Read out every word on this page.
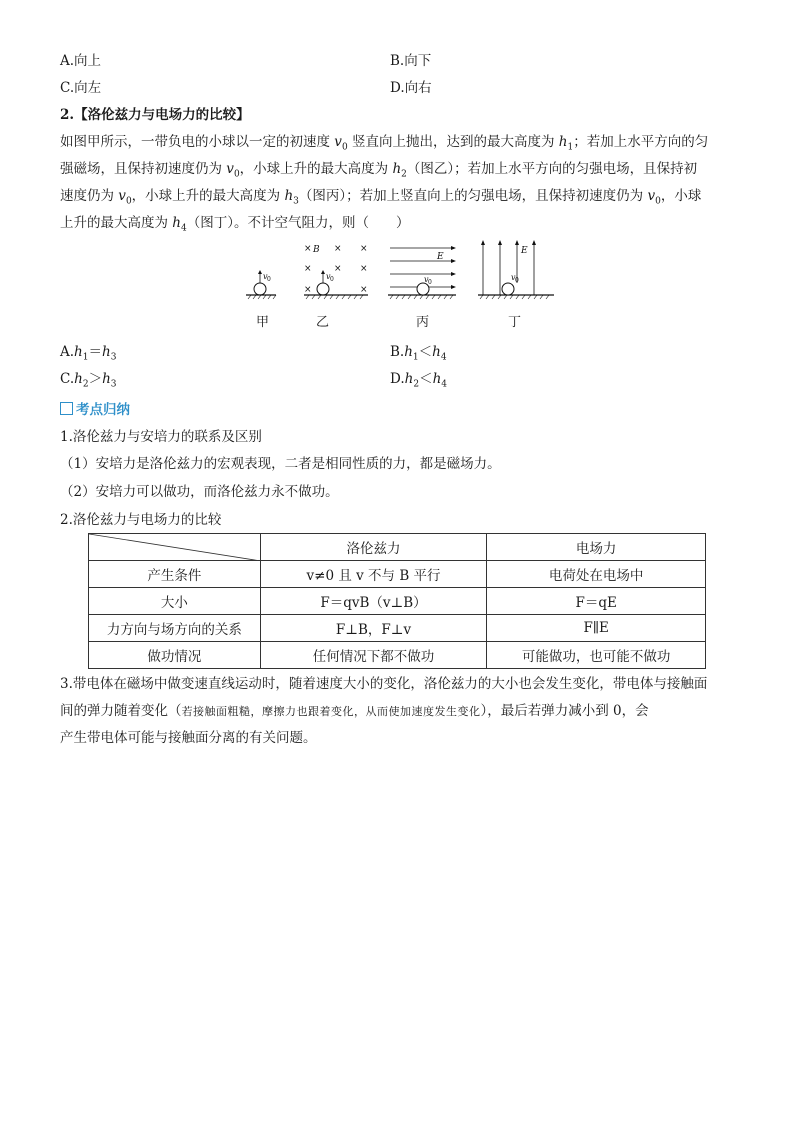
A.向上	B.向下
C.向左	D.向右
2.【洛伦兹力与电场力的比较】
如图甲所示，一带负电的小球以一定的初速度 $v_0$ 竖直向上抛出，达到的最大高度为 $h_1$；若加上水平方向的匀
强磁场，且保持初速度仍为 $v_0$，小球上升的最大高度为 $h_2$（图乙）；若加上水平方向的匀强电场，且保持初
速度仍为 $v_0$，小球上升的最大高度为 $h_3$（图丙）；若加上竖直向上的匀强电场，且保持初速度仍为 $v_0$，小球
上升的最大高度为 $h_4$（图丁）。不计空气阻力，则（　　）
v 0
× × ×
× × ×
×	×
B
v 0
E
v 0
E
v 0
甲	乙	丙	丁
$A.h_1=h_3$	$B.h_1<h_4$
$C.h_2>h_3$	$D.h_2<h_4$
考点归纳
1.洛伦兹力与安培力的联系及区别
（1）安培力是洛伦兹力的宏观表现，二者是相同性质的力，都是磁场力。
（2）安培力可以做功，而洛伦兹力永不做功。
2.洛伦兹力与电场力的比较
	洛伦兹力	电场力
产生条件	v≠0 且 v 不与 B 平行	电荷处在电场中
大小	F＝qvB（v⊥B）	F＝qE
力方向与场方向的关系	F⊥B，F⊥v	F∥E
做功情况	任何情况下都不做功	可能做功，也可能不做功
3.带电体在磁场中做变速直线运动时，随着速度大小的变化，洛伦兹力的大小也会发生变化，带电体与接触面
间的弹力随着变化（若接触面粗糙，摩擦力也跟着变化，从而使加速度发生变化），最后若弹力减小到 0，会
产生带电体可能与接触面分离的有关问题。
